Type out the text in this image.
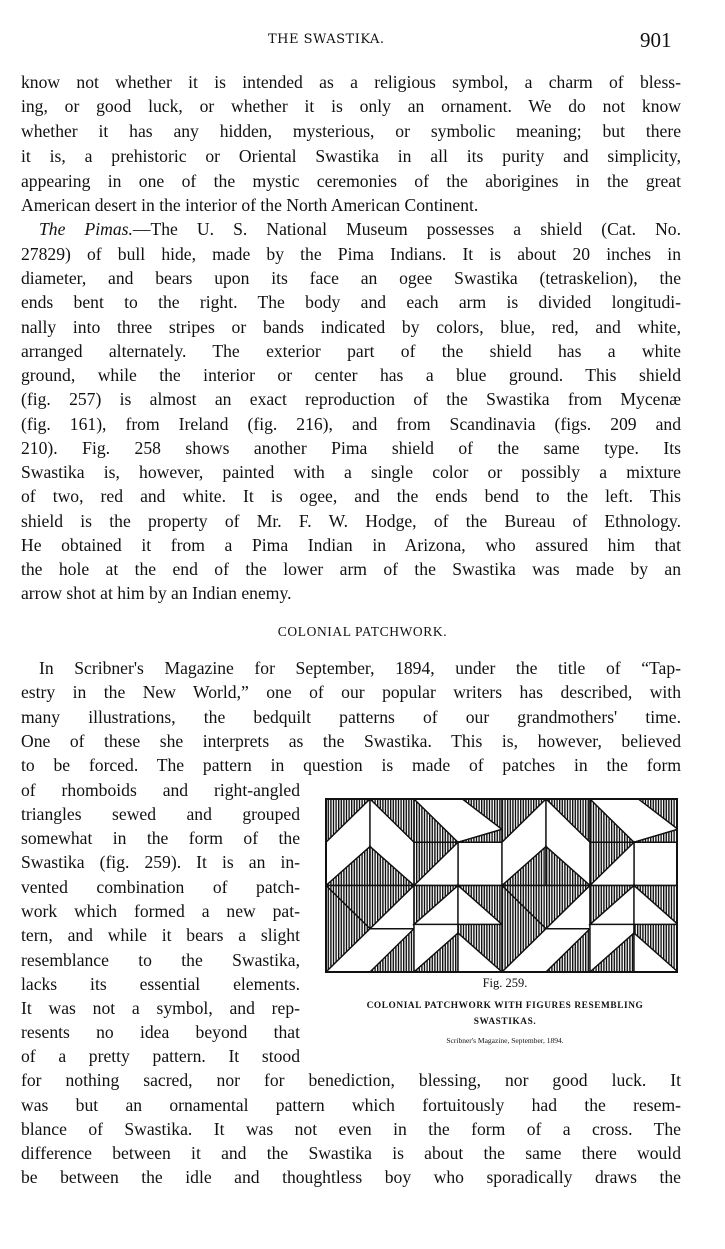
THE SWASTIKA.	901
know not whether it is intended as a religious symbol, a charm of bless-
ing, or good luck, or whether it is only an ornament. We do not know
whether it has any hidden, mysterious, or symbolic meaning; but there
it is, a prehistoric or Oriental Swastika in all its purity and simplicity,
appearing in one of the mystic ceremonies of the aborigines in the great
American desert in the interior of the North American Continent.
The Pimas.—The U. S. National Museum possesses a shield (Cat. No.
27829) of bull hide, made by the Pima Indians. It is about 20 inches in
diameter, and bears upon its face an ogee Swastika (tetraskelion), the
ends bent to the right. The body and each arm is divided longitudi-
nally into three stripes or bands indicated by colors, blue, red, and white,
arranged alternately. The exterior part of the shield has a white
ground, while the interior or center has a blue ground. This shield
(fig. 257) is almost an exact reproduction of the Swastika from Mycenæ
(fig. 161), from Ireland (fig. 216), and from Scandinavia (figs. 209 and
210). Fig. 258 shows another Pima shield of the same type. Its
Swastika is, however, painted with a single color or possibly a mixture
of two, red and white. It is ogee, and the ends bend to the left. This
shield is the property of Mr. F. W. Hodge, of the Bureau of Ethnology.
He obtained it from a Pima Indian in Arizona, who assured him that
the hole at the end of the lower arm of the Swastika was made by an
arrow shot at him by an Indian enemy.
COLONIAL PATCHWORK.
In Scribner's Magazine for September, 1894, under the title of “Tap-
estry in the New World,” one of our popular writers has described, with
many illustrations, the bedquilt patterns of our grandmothers' time.
One of these she interprets as the Swastika. This is, however, believed
to be forced. The pattern in question is made of patches in the form
of rhomboids and right-angled
triangles sewed and grouped
somewhat in the form of the
Swastika (fig. 259). It is an in-
vented combination of patch-
work which formed a new pat-
tern, and while it bears a slight
resemblance to the Swastika,
lacks its essential elements.
It was not a symbol, and rep-
resents no idea beyond that
of a pretty pattern. It stood
for nothing sacred, nor for benediction, blessing, nor good luck. It
was but an ornamental pattern which fortuitously had the resem-
blance of Swastika. It was not even in the form of a cross. The
difference between it and the Swastika is about the same there would
be between the idle and thoughtless boy who sporadically draws the
Fig. 259.
COLONIAL PATCHWORK WITH FIGURES RESEMBLING
SWASTIKAS.
Scribner's Magazine, September, 1894.
